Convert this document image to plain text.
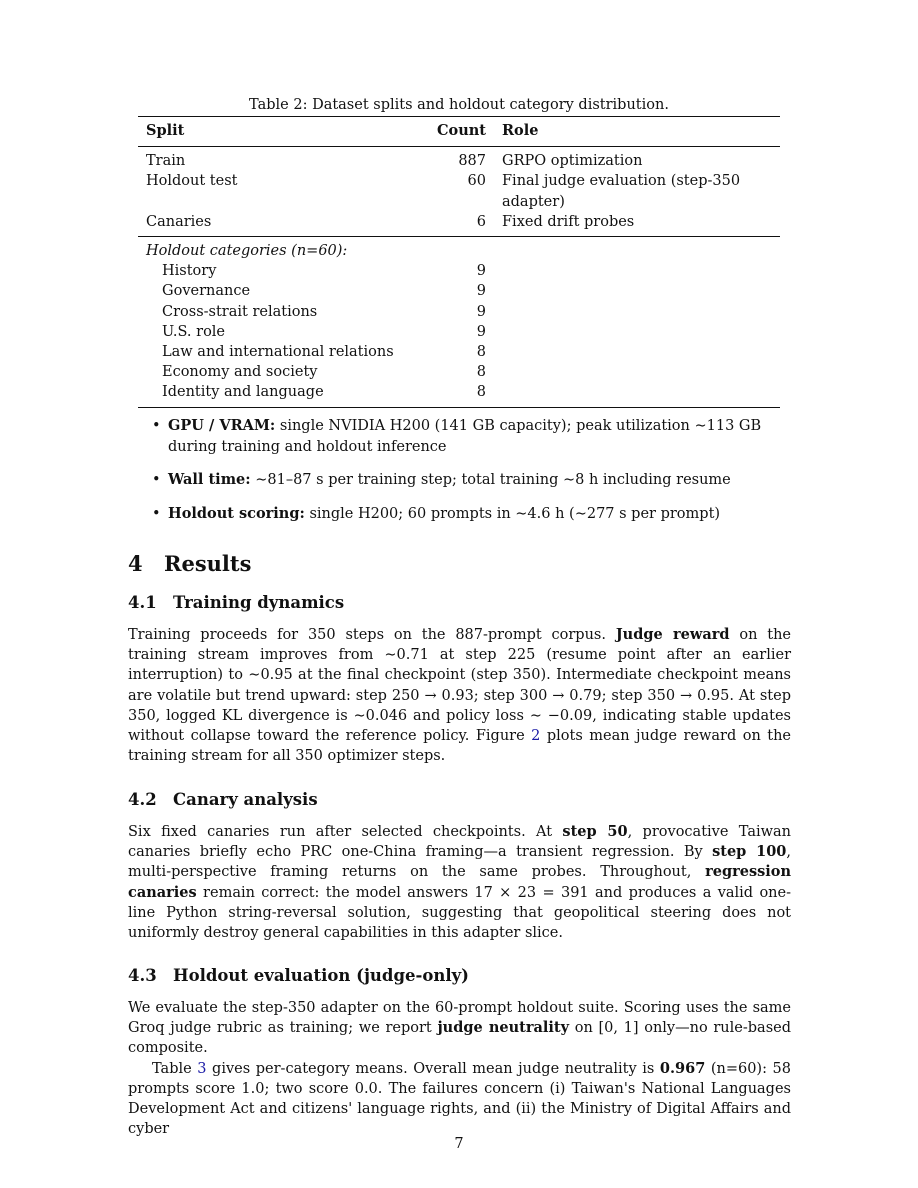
Table 2: Dataset splits and holdout category distribution.
Split	Count	Role
Train	887	GRPO optimization
Holdout test	60	Final judge evaluation (step-350 adapter)
Canaries	6	Fixed drift probes
Holdout categories (n=60):		
History	9	
Governance	9	
Cross-strait relations	9	
U.S. role	9	
Law and international relations	8	
Economy and society	8	
Identity and language	8	
• GPU / VRAM: single NVIDIA H200 (141 GB capacity); peak utilization ∼113 GB during training and holdout inference
• Wall time: ∼81–87 s per training step; total training ∼8 h including resume
• Holdout scoring: single H200; 60 prompts in ∼4.6 h (∼277 s per prompt)
4 Results
4.1 Training dynamics
Training proceeds for 350 steps on the 887-prompt corpus. Judge reward on the training stream improves from ∼0.71 at step 225 (resume point after an earlier interruption) to ∼0.95 at the final checkpoint (step 350). Intermediate checkpoint means are volatile but trend upward: step 250 → 0.93; step 300 → 0.79; step 350 → 0.95. At step 350, logged KL divergence is ∼0.046 and policy loss ∼ −0.09, indicating stable updates without collapse toward the reference policy. Figure 2 plots mean judge reward on the training stream for all 350 optimizer steps.
4.2 Canary analysis
Six fixed canaries run after selected checkpoints. At step 50, provocative Taiwan canaries briefly echo PRC one-China framing—a transient regression. By step 100, multi-perspective framing returns on the same probes. Throughout, regression canaries remain correct: the model answers 17 × 23 = 391 and produces a valid one-line Python string-reversal solution, suggesting that geopolitical steering does not uniformly destroy general capabilities in this adapter slice.
4.3 Holdout evaluation (judge-only)
We evaluate the step-350 adapter on the 60-prompt holdout suite. Scoring uses the same Groq judge rubric as training; we report judge neutrality on [0, 1] only—no rule-based composite.
Table 3 gives per-category means. Overall mean judge neutrality is 0.967 (n=60): 58 prompts score 1.0; two score 0.0. The failures concern (i) Taiwan's National Languages Development Act and citizens' language rights, and (ii) the Ministry of Digital Affairs and cyber
7
